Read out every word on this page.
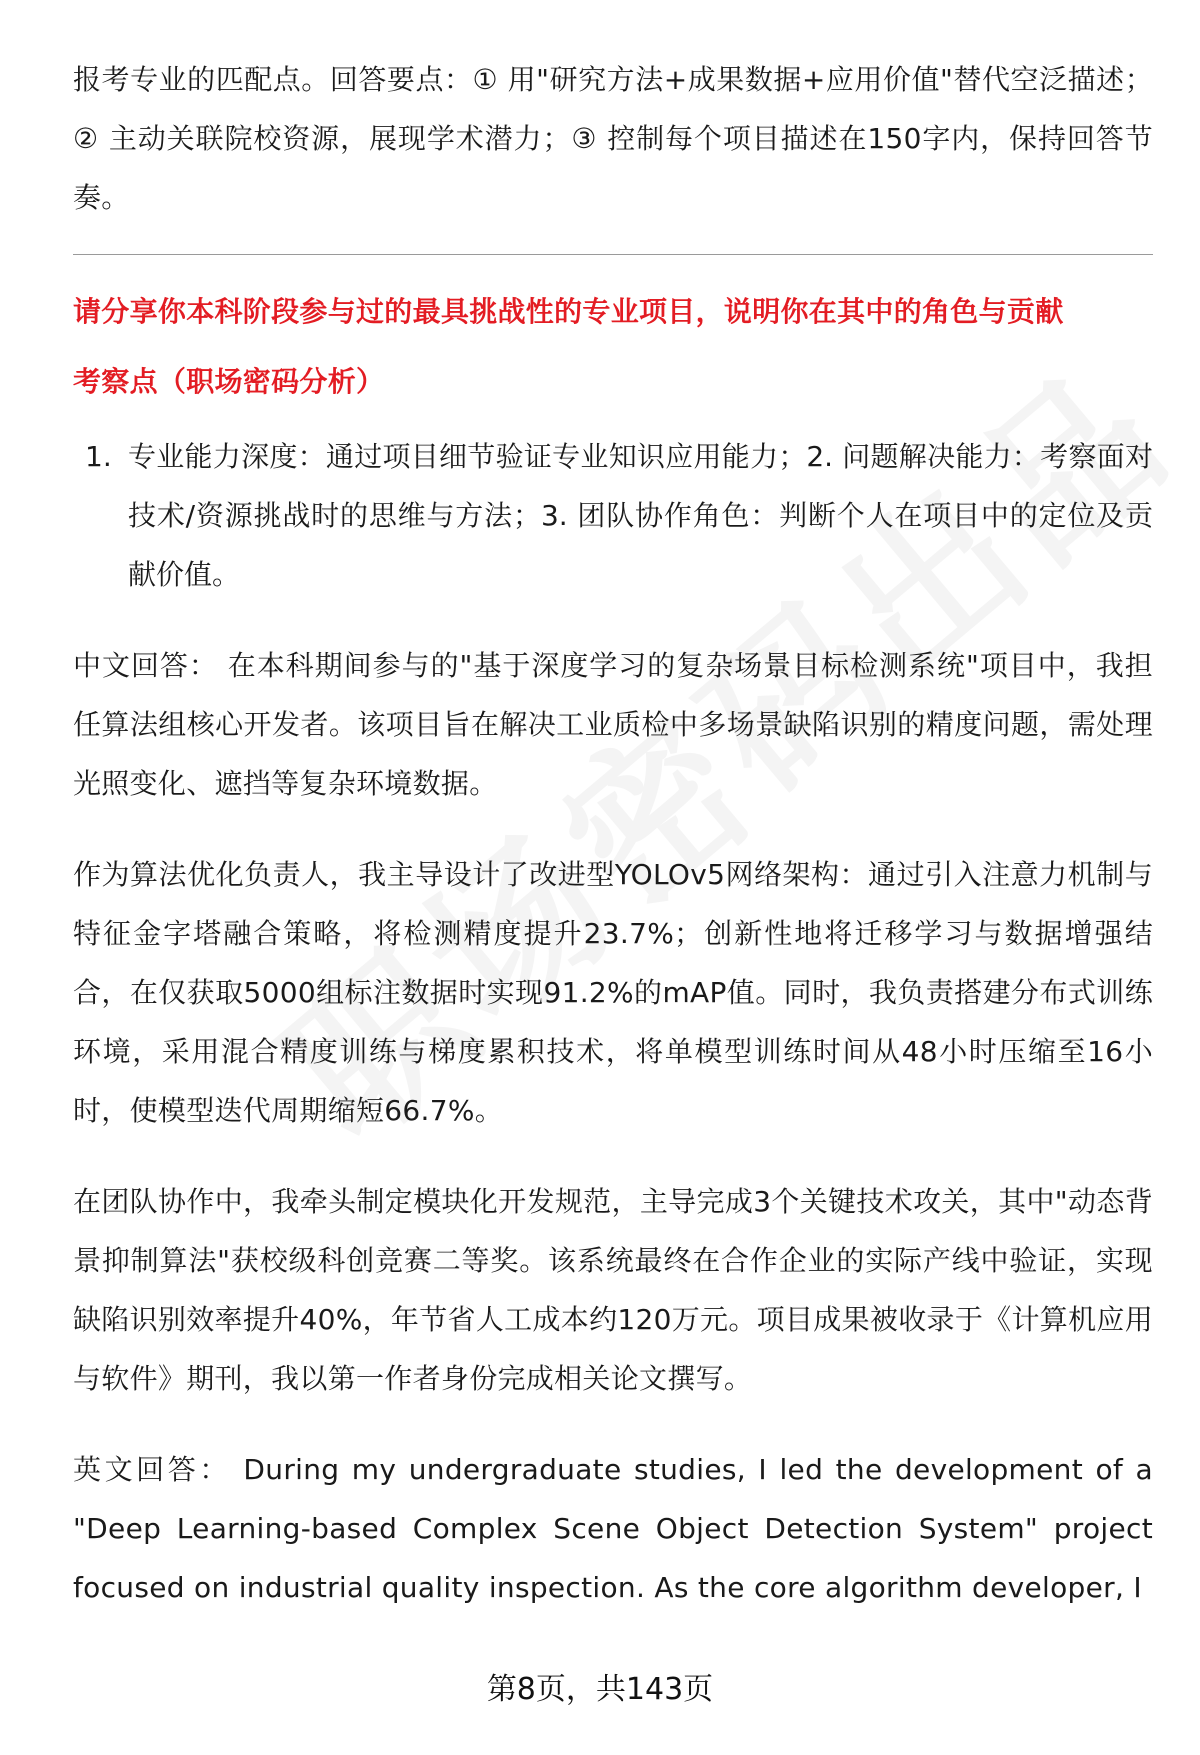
报考专业的匹配点。回答要点：① 用"研究方法+成果数据+应用价值"替代空泛描述；② 主动关联院校资源，展现学术潜力；③ 控制每个项目描述在150字内，保持回答节奏。

请分享你本科阶段参与过的最具挑战性的专业项目，说明你在其中的角色与贡献

考察点（职场密码分析）

1. 专业能力深度：通过项目细节验证专业知识应用能力；2. 问题解决能力：考察面对技术/资源挑战时的思维与方法；3. 团队协作角色：判断个人在项目中的定位及贡献价值。

中文回答： 在本科期间参与的"基于深度学习的复杂场景目标检测系统"项目中，我担任算法组核心开发者。该项目旨在解决工业质检中多场景缺陷识别的精度问题，需处理光照变化、遮挡等复杂环境数据。

作为算法优化负责人，我主导设计了改进型YOLOv5网络架构：通过引入注意力机制与特征金字塔融合策略，将检测精度提升23.7%；创新性地将迁移学习与数据增强结合，在仅获取5000组标注数据时实现91.2%的mAP值。同时，我负责搭建分布式训练环境，采用混合精度训练与梯度累积技术，将单模型训练时间从48小时压缩至16小时，使模型迭代周期缩短66.7%。

在团队协作中，我牵头制定模块化开发规范，主导完成3个关键技术攻关，其中"动态背景抑制算法"获校级科创竞赛二等奖。该系统最终在合作企业的实际产线中验证，实现缺陷识别效率提升40%，年节省人工成本约120万元。项目成果被收录于《计算机应用与软件》期刊，我以第一作者身份完成相关论文撰写。

英文回答： During my undergraduate studies, I led the development of a "Deep Learning-based Complex Scene Object Detection System" project focused on industrial quality inspection. As the core algorithm developer, I

第8页，共143页
